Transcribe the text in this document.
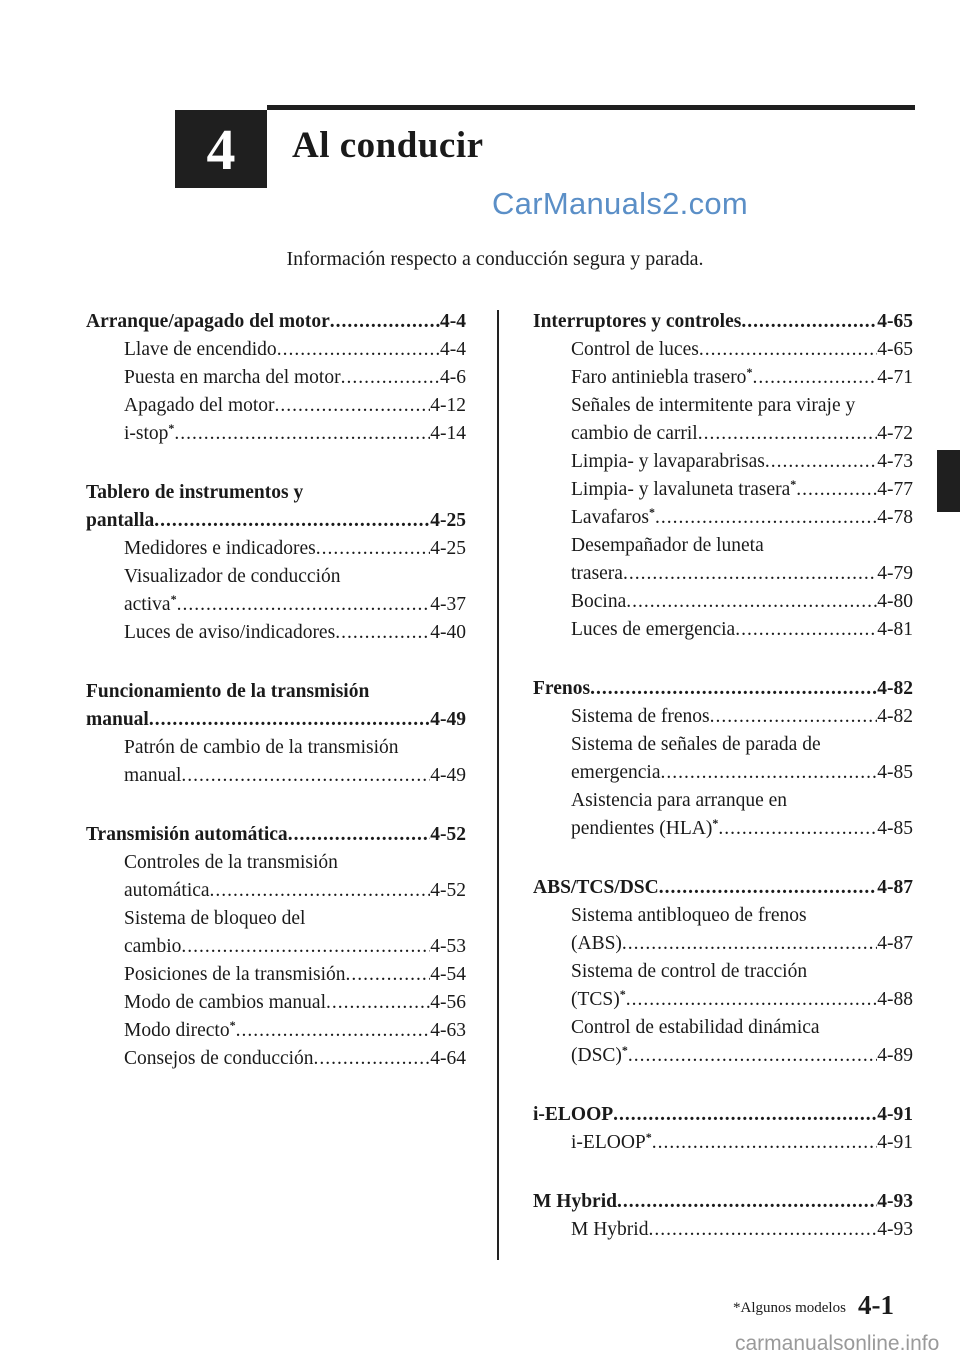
4 Al conducir
CarManuals2.com
Información respecto a conducción segura y parada.
Arranque/apagado del motor .....	4-4
Llave de encendido .....	4-4
Puesta en marcha del motor .....	4-6
Apagado del motor .....	4-12
i-stop* .....	4-14
Tablero de instrumentos y
pantalla .....	4-25
Medidores e indicadores .....	4-25
Visualizador de conducción
activa* .....	4-37
Luces de aviso/indicadores .....	4-40
Funcionamiento de la transmisión
manual .....	4-49
Patrón de cambio de la transmisión
manual .....	4-49
Transmisión automática .....	4-52
Controles de la transmisión
automática .....	4-52
Sistema de bloqueo del
cambio .....	4-53
Posiciones de la transmisión .....	4-54
Modo de cambios manual .....	4-56
Modo directo* .....	4-63
Consejos de conducción .....	4-64
Interruptores y controles .....	4-65
Control de luces .....	4-65
Faro antiniebla trasero* .....	4-71
Señales de intermitente para viraje y
cambio de carril .....	4-72
Limpia- y lavaparabrisas .....	4-73
Limpia- y lavaluneta trasera* .....	4-77
Lavafaros* .....	4-78
Desempañador de luneta
trasera .....	4-79
Bocina .....	4-80
Luces de emergencia .....	4-81
Frenos .....	4-82
Sistema de frenos .....	4-82
Sistema de señales de parada de
emergencia .....	4-85
Asistencia para arranque en
pendientes (HLA)* .....	4-85
ABS/TCS/DSC .....	4-87
Sistema antibloqueo de frenos
(ABS) .....	4-87
Sistema de control de tracción
(TCS)* .....	4-88
Control de estabilidad dinámica
(DSC)* .....	4-89
i-ELOOP .....	4-91
i-ELOOP* .....	4-91
M Hybrid .....	4-93
M Hybrid .....	4-93
*Algunos modelos 4-1
carmanualsonline.info
